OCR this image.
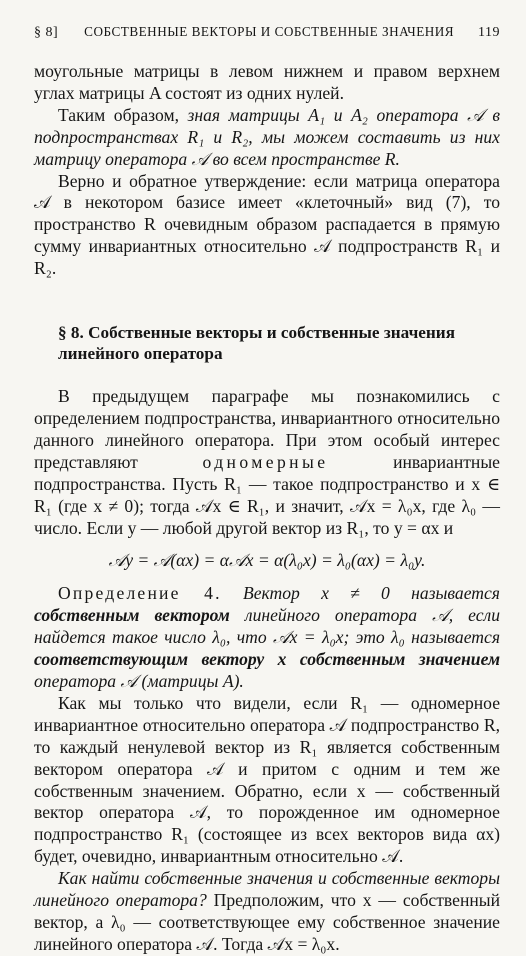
§ 8] СОБСТВЕННЫЕ ВЕКТОРЫ И СОБСТВЕННЫЕ ЗНАЧЕНИЯ	119

моугольные матрицы в левом нижнем и правом верхнем углах матрицы A состоят из одних нулей.

Таким образом, зная матрицы A₁ и A₂ оператора 𝒜 в подпространствах R₁ и R₂, мы можем составить из них матрицу оператора 𝒜 во всем пространстве R.

Верно и обратное утверждение: если матрица оператора 𝒜 в некотором базисе имеет «клеточный» вид (7), то пространство R очевидным образом распадается в прямую сумму инвариантных относительно 𝒜 подпространств R₁ и R₂.

§ 8. Собственные векторы и собственные значения линейного оператора

В предыдущем параграфе мы познакомились с определением подпространства, инвариантного относительно данного линейного оператора. При этом особый интерес представляют одномерные инвариантные подпространства. Пусть R₁ — такое подпространство и x ∈ R₁ (где x ≠ 0); тогда 𝒜x ∈ R₁, и значит, 𝒜x = λ₀x, где λ₀ — число. Если y — любой другой вектор из R₁, то y = αx и

𝒜y = 𝒜(αx) = α𝒜x = α(λ₀x) = λ₀(αx) = λ₀y.

Определение 4. Вектор x ≠ 0 называется собственным вектором линейного оператора 𝒜, если найдется такое число λ₀, что 𝒜x = λ₀x; это λ₀ называется соответствующим вектору x собственным значением оператора 𝒜 (матрицы A).

Как мы только что видели, если R₁ — одномерное инвариантное относительно оператора 𝒜 подпространство R, то каждый ненулевой вектор из R₁ является собственным вектором оператора 𝒜 и притом с одним и тем же собственным значением. Обратно, если x — собственный вектор оператора 𝒜, то порожденное им одномерное подпространство R₁ (состоящее из всех векторов вида αx) будет, очевидно, инвариантным относительно 𝒜.

Как найти собственные значения и собственные векторы линейного оператора? Предположим, что x — собственный вектор, а λ₀ — соответствующее ему собственное значение линейного оператора 𝒜. Тогда 𝒜x = λ₀x.
